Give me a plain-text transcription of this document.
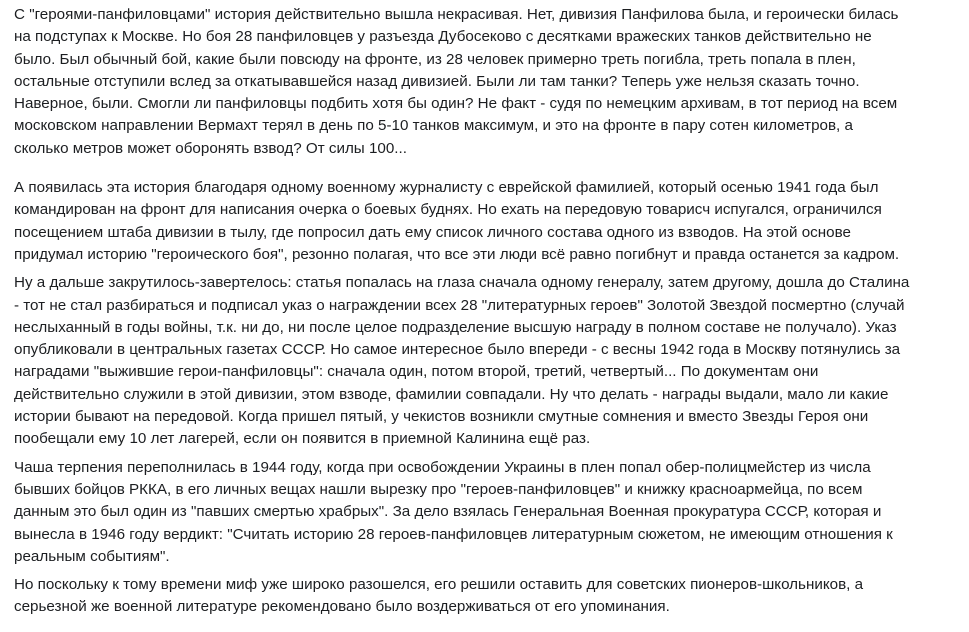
С "героями-панфиловцами" история действительно вышла некрасивая. Нет, дивизия Панфилова была, и героически билась
на подступах к Москве. Но боя 28 панфиловцев у разъезда Дубосеково с десятками вражеских танков действительно не
было. Был обычный бой, какие были повсюду на фронте, из 28 человек примерно треть погибла, треть попала в плен,
остальные отступили вслед за откатывавшейся назад дивизией. Были ли там танки? Теперь уже нельзя сказать точно.
Наверное, были. Смогли ли панфиловцы подбить хотя бы один? Не факт - судя по немецким архивам, в тот период на всем
московском направлении Вермахт терял в день по 5-10 танков максимум, и это на фронте в пару сотен километров, а
сколько метров может оборонять взвод? От силы 100...

А появилась эта история благодаря одному военному журналисту с еврейской фамилией, который осенью 1941 года был
командирован на фронт для написания очерка о боевых буднях. Но ехать на передовую товарисч испугался, ограничился
посещением штаба дивизии в тылу, где попросил дать ему список личного состава одного из взводов. На этой основе
придумал историю "героического боя", резонно полагая, что все эти люди всё равно погибнут и правда останется за кадром.

Ну а дальше закрутилось-завертелось: статья попалась на глаза сначала одному генералу, затем другому, дошла до Сталина
- тот не стал разбираться и подписал указ о награждении всех 28 "литературных героев" Золотой Звездой посмертно (случай
неслыханный в годы войны, т.к. ни до, ни после целое подразделение высшую награду в полном составе не получало). Указ
опубликовали в центральных газетах СССР. Но самое интересное было впереди - с весны 1942 года в Москву потянулись за
наградами "выжившие герои-панфиловцы": сначала один, потом второй, третий, четвертый... По документам они
действительно служили в этой дивизии, этом взводе, фамилии совпадали. Ну что делать - награды выдали, мало ли какие
истории бывают на передовой. Когда пришел пятый, у чекистов возникли смутные сомнения и вместо Звезды Героя они
пообещали ему 10 лет лагерей, если он появится в приемной Калинина ещё раз.

Чаша терпения переполнилась в 1944 году, когда при освобождении Украины в плен попал обер-полицмейстер из числа
бывших бойцов РККА, в его личных вещах нашли вырезку про "героев-панфиловцев" и книжку красноармейца, по всем
данным это был один из "павших смертью храбрых". За дело взялась Генеральная Военная прокуратура СССР, которая и
вынесла в 1946 году вердикт: "Считать историю 28 героев-панфиловцев литературным сюжетом, не имеющим отношения к
реальным событиям".

Но поскольку к тому времени миф уже широко разошелся, его решили оставить для советских пионеров-школьников, а
серьезной же военной литературе рекомендовано было воздерживаться от его упоминания.
